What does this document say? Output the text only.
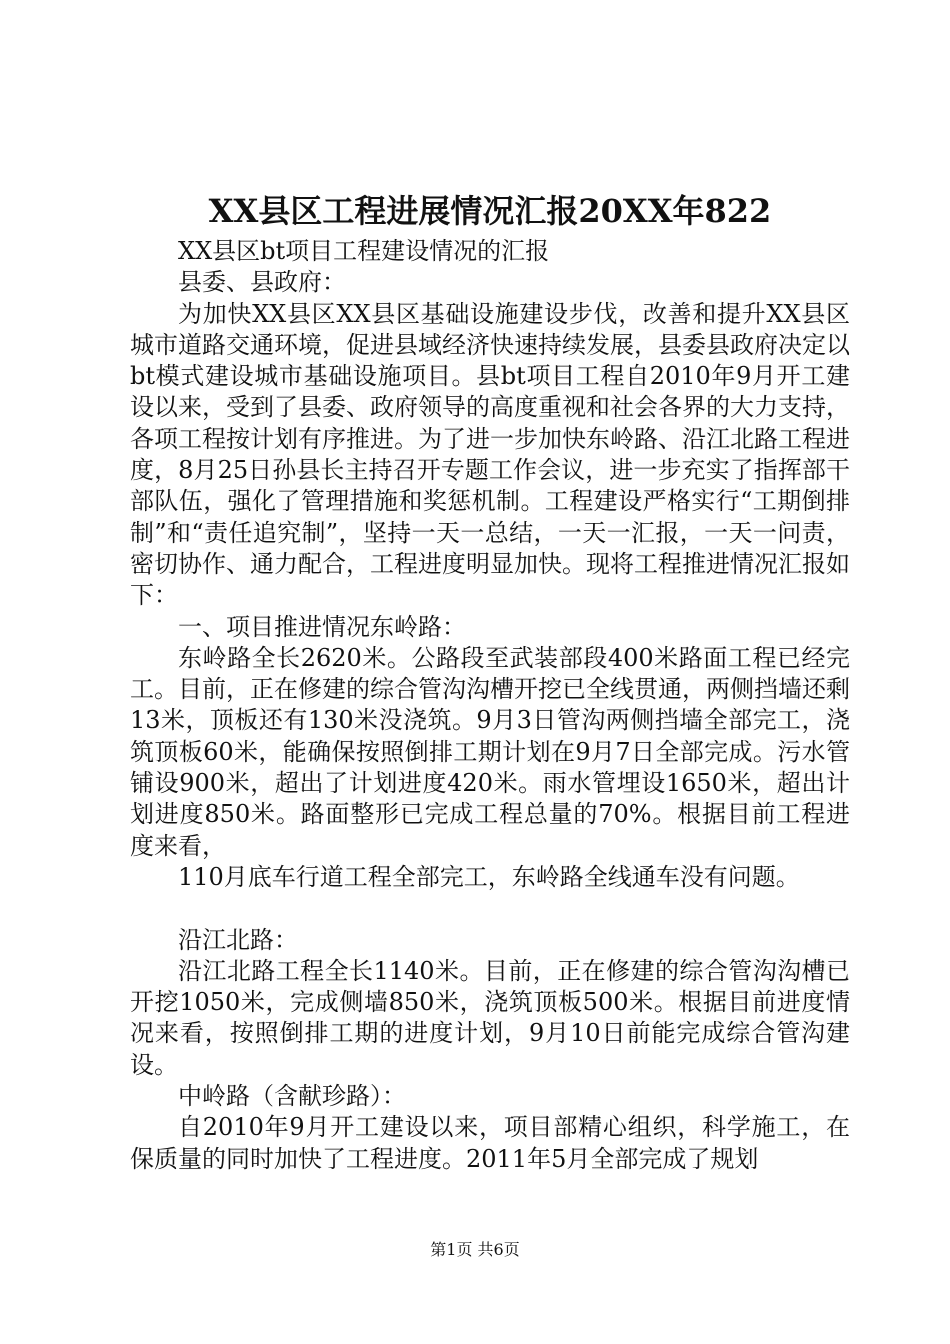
XX县区工程进展情况汇报20XX年822

XX县区bt项目工程建设情况的汇报

县委、县政府：

为加快XX县区XX县区基础设施建设步伐，改善和提升XX县区城市道路交通环境，促进县域经济快速持续发展，县委县政府决定以bt模式建设城市基础设施项目。县bt项目工程自2010年9月开工建设以来，受到了县委、政府领导的高度重视和社会各界的大力支持，各项工程按计划有序推进。为了进一步加快东岭路、沿江北路工程进度，8月25日孙县长主持召开专题工作会议，进一步充实了指挥部干部队伍，强化了管理措施和奖惩机制。工程建设严格实行“工期倒排制”和“责任追究制”，坚持一天一总结，一天一汇报，一天一问责，密切协作、通力配合，工程进度明显加快。现将工程推进情况汇报如下：

一、项目推进情况东岭路：

东岭路全长2620米。公路段至武装部段400米路面工程已经完工。目前，正在修建的综合管沟沟槽开挖已全线贯通，两侧挡墙还剩13米，顶板还有130米没浇筑。9月3日管沟两侧挡墙全部完工，浇筑顶板60米，能确保按照倒排工期计划在9月7日全部完成。污水管铺设900米，超出了计划进度420米。雨水管埋设1650米，超出计划进度850米。路面整形已完成工程总量的70%。根据目前工程进度来看，

110月底车行道工程全部完工，东岭路全线通车没有问题。

沿江北路：

沿江北路工程全长1140米。目前，正在修建的综合管沟沟槽已开挖1050米，完成侧墙850米，浇筑顶板500米。根据目前进度情况来看，按照倒排工期的进度计划，9月10日前能完成综合管沟建设。

中岭路（含献珍路）：

自2010年9月开工建设以来，项目部精心组织，科学施工，在保质量的同时加快了工程进度。2011年5月全部完成了规划

第1页 共6页
